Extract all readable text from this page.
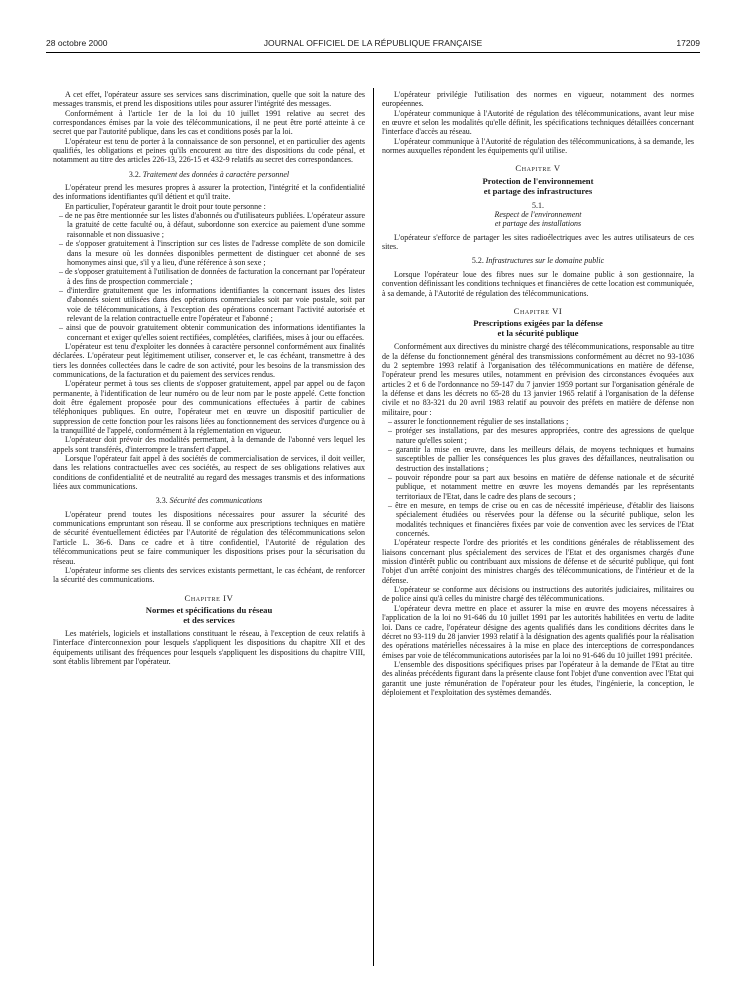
28 octobre 2000	JOURNAL OFFICIEL DE LA RÉPUBLIQUE FRANÇAISE	17209

A cet effet, l'opérateur assure ses services sans discrimination, quelle que soit la nature des messages transmis, et prend les dispositions utiles pour assurer l'intégrité des messages.

Conformément à l'article 1er de la loi du 10 juillet 1991 relative au secret des correspondances émises par la voie des télécommunications, il ne peut être porté atteinte à ce secret que par l'autorité publique, dans les cas et conditions posés par la loi.

L'opérateur est tenu de porter à la connaissance de son personnel, et en particulier des agents qualifiés, les obligations et peines qu'ils encourent au titre des dispositions du code pénal, et notamment au titre des articles 226-13, 226-15 et 432-9 relatifs au secret des correspondances.

3.2. Traitement des données à caractère personnel

L'opérateur prend les mesures propres à assurer la protection, l'intégrité et la confidentialité des informations identifiantes qu'il détient et qu'il traite.

En particulier, l'opérateur garantit le droit pour toute personne :

– de ne pas être mentionnée sur les listes d'abonnés ou d'utilisateurs publiées. L'opérateur assure la gratuité de cette faculté ou, à défaut, subordonne son exercice au paiement d'une somme raisonnable et non dissuasive ;

– de s'opposer gratuitement à l'inscription sur ces listes de l'adresse complète de son domicile dans la mesure où les données disponibles permettent de distinguer cet abonné de ses homonymes ainsi que, s'il y a lieu, d'une référence à son sexe ;

– de s'opposer gratuitement à l'utilisation de données de facturation la concernant par l'opérateur à des fins de prospection commerciale ;

– d'interdire gratuitement que les informations identifiantes la concernant issues des listes d'abonnés soient utilisées dans des opérations commerciales soit par voie postale, soit par voie de télécommunications, à l'exception des opérations concernant l'activité autorisée et relevant de la relation contractuelle entre l'opérateur et l'abonné ;

– ainsi que de pouvoir gratuitement obtenir communication des informations identifiantes la concernant et exiger qu'elles soient rectifiées, complétées, clarifiées, mises à jour ou effacées.

L'opérateur est tenu d'exploiter les données à caractère personnel conformément aux finalités déclarées. L'opérateur peut légitimement utiliser, conserver et, le cas échéant, transmettre à des tiers les données collectées dans le cadre de son activité, pour les besoins de la transmission des communications, de la facturation et du paiement des services rendus.

L'opérateur permet à tous ses clients de s'opposer gratuitement, appel par appel ou de façon permanente, à l'identification de leur numéro ou de leur nom par le poste appelé. Cette fonction doit être également proposée pour des communications effectuées à partir de cabines téléphoniques publiques. En outre, l'opérateur met en œuvre un dispositif particulier de suppression de cette fonction pour les raisons liées au fonctionnement des services d'urgence ou à la tranquillité de l'appelé, conformément à la réglementation en vigueur.

L'opérateur doit prévoir des modalités permettant, à la demande de l'abonné vers lequel les appels sont transférés, d'interrompre le transfert d'appel.

Lorsque l'opérateur fait appel à des sociétés de commercialisation de services, il doit veiller, dans les relations contractuelles avec ces sociétés, au respect de ses obligations relatives aux conditions de confidentialité et de neutralité au regard des messages transmis et des informations liées aux communications.

3.3. Sécurité des communications

L'opérateur prend toutes les dispositions nécessaires pour assurer la sécurité des communications empruntant son réseau. Il se conforme aux prescriptions techniques en matière de sécurité éventuellement édictées par l'Autorité de régulation des télécommunications selon l'article L. 36-6. Dans ce cadre et à titre confidentiel, l'Autorité de régulation des télécommunications peut se faire communiquer les dispositions prises pour la sécurisation du réseau.

L'opérateur informe ses clients des services existants permettant, le cas échéant, de renforcer la sécurité des communications.

Chapitre IV
Normes et spécifications du réseau
et des services

Les matériels, logiciels et installations constituant le réseau, à l'exception de ceux relatifs à l'interface d'interconnexion pour lesquels s'appliquent les dispositions du chapitre XII et des équipements utilisant des fréquences pour lesquels s'appliquent les dispositions du chapitre VIII, sont établis librement par l'opérateur.

L'opérateur privilégie l'utilisation des normes en vigueur, notamment des normes européennes.

L'opérateur communique à l'Autorité de régulation des télécommunications, avant leur mise en œuvre et selon les modalités qu'elle définit, les spécifications techniques détaillées concernant l'interface d'accès au réseau.

L'opérateur communique à l'Autorité de régulation des télécommunications, à sa demande, les normes auxquelles répondent les équipements qu'il utilise.

Chapitre V
Protection de l'environnement
et partage des infrastructures
5.1.
Respect de l'environnement
et partage des installations

L'opérateur s'efforce de partager les sites radioélectriques avec les autres utilisateurs de ces sites.

5.2. Infrastructures sur le domaine public

Lorsque l'opérateur loue des fibres nues sur le domaine public à son gestionnaire, la convention définissant les conditions techniques et financières de cette location est communiquée, à sa demande, à l'Autorité de régulation des télécommunications.

Chapitre VI
Prescriptions exigées par la défense
et la sécurité publique

Conformément aux directives du ministre chargé des télécommunications, responsable au titre de la défense du fonctionnement général des transmissions conformément au décret no 93-1036 du 2 septembre 1993 relatif à l'organisation des télécommunications en matière de défense, l'opérateur prend les mesures utiles, notamment en prévision des circonstances évoquées aux articles 2 et 6 de l'ordonnance no 59-147 du 7 janvier 1959 portant sur l'organisation générale de la défense et dans les décrets no 65-28 du 13 janvier 1965 relatif à l'organisation de la défense civile et no 83-321 du 20 avril 1983 relatif au pouvoir des préfets en matière de défense non militaire, pour :

– assurer le fonctionnement régulier de ses installations ;

– protéger ses installations, par des mesures appropriées, contre des agressions de quelque nature qu'elles soient ;

– garantir la mise en œuvre, dans les meilleurs délais, de moyens techniques et humains susceptibles de pallier les conséquences les plus graves des défaillances, neutralisation ou destruction des installations ;

– pouvoir répondre pour sa part aux besoins en matière de défense nationale et de sécurité publique, et notamment mettre en œuvre les moyens demandés par les représentants territoriaux de l'Etat, dans le cadre des plans de secours ;

– être en mesure, en temps de crise ou en cas de nécessité impérieuse, d'établir des liaisons spécialement étudiées ou réservées pour la défense ou la sécurité publique, selon les modalités techniques et financières fixées par voie de convention avec les services de l'Etat concernés.

L'opérateur respecte l'ordre des priorités et les conditions générales de rétablissement des liaisons concernant plus spécialement des services de l'Etat et des organismes chargés d'une mission d'intérêt public ou contribuant aux missions de défense et de sécurité publique, qui font l'objet d'un arrêté conjoint des ministres chargés des télécommunications, de l'intérieur et de la défense.

L'opérateur se conforme aux décisions ou instructions des autorités judiciaires, militaires ou de police ainsi qu'à celles du ministre chargé des télécommunications.

L'opérateur devra mettre en place et assurer la mise en œuvre des moyens nécessaires à l'application de la loi no 91-646 du 10 juillet 1991 par les autorités habilitées en vertu de ladite loi. Dans ce cadre, l'opérateur désigne des agents qualifiés dans les conditions décrites dans le décret no 93-119 du 28 janvier 1993 relatif à la désignation des agents qualifiés pour la réalisation des opérations matérielles nécessaires à la mise en place des interceptions de correspondances émises par voie de télécommunications autorisées par la loi no 91-646 du 10 juillet 1991 précitée.

L'ensemble des dispositions spécifiques prises par l'opérateur à la demande de l'Etat au titre des alinéas précédents figurant dans la présente clause font l'objet d'une convention avec l'Etat qui garantit une juste rémunération de l'opérateur pour les études, l'ingénierie, la conception, le déploiement et l'exploitation des systèmes demandés.
